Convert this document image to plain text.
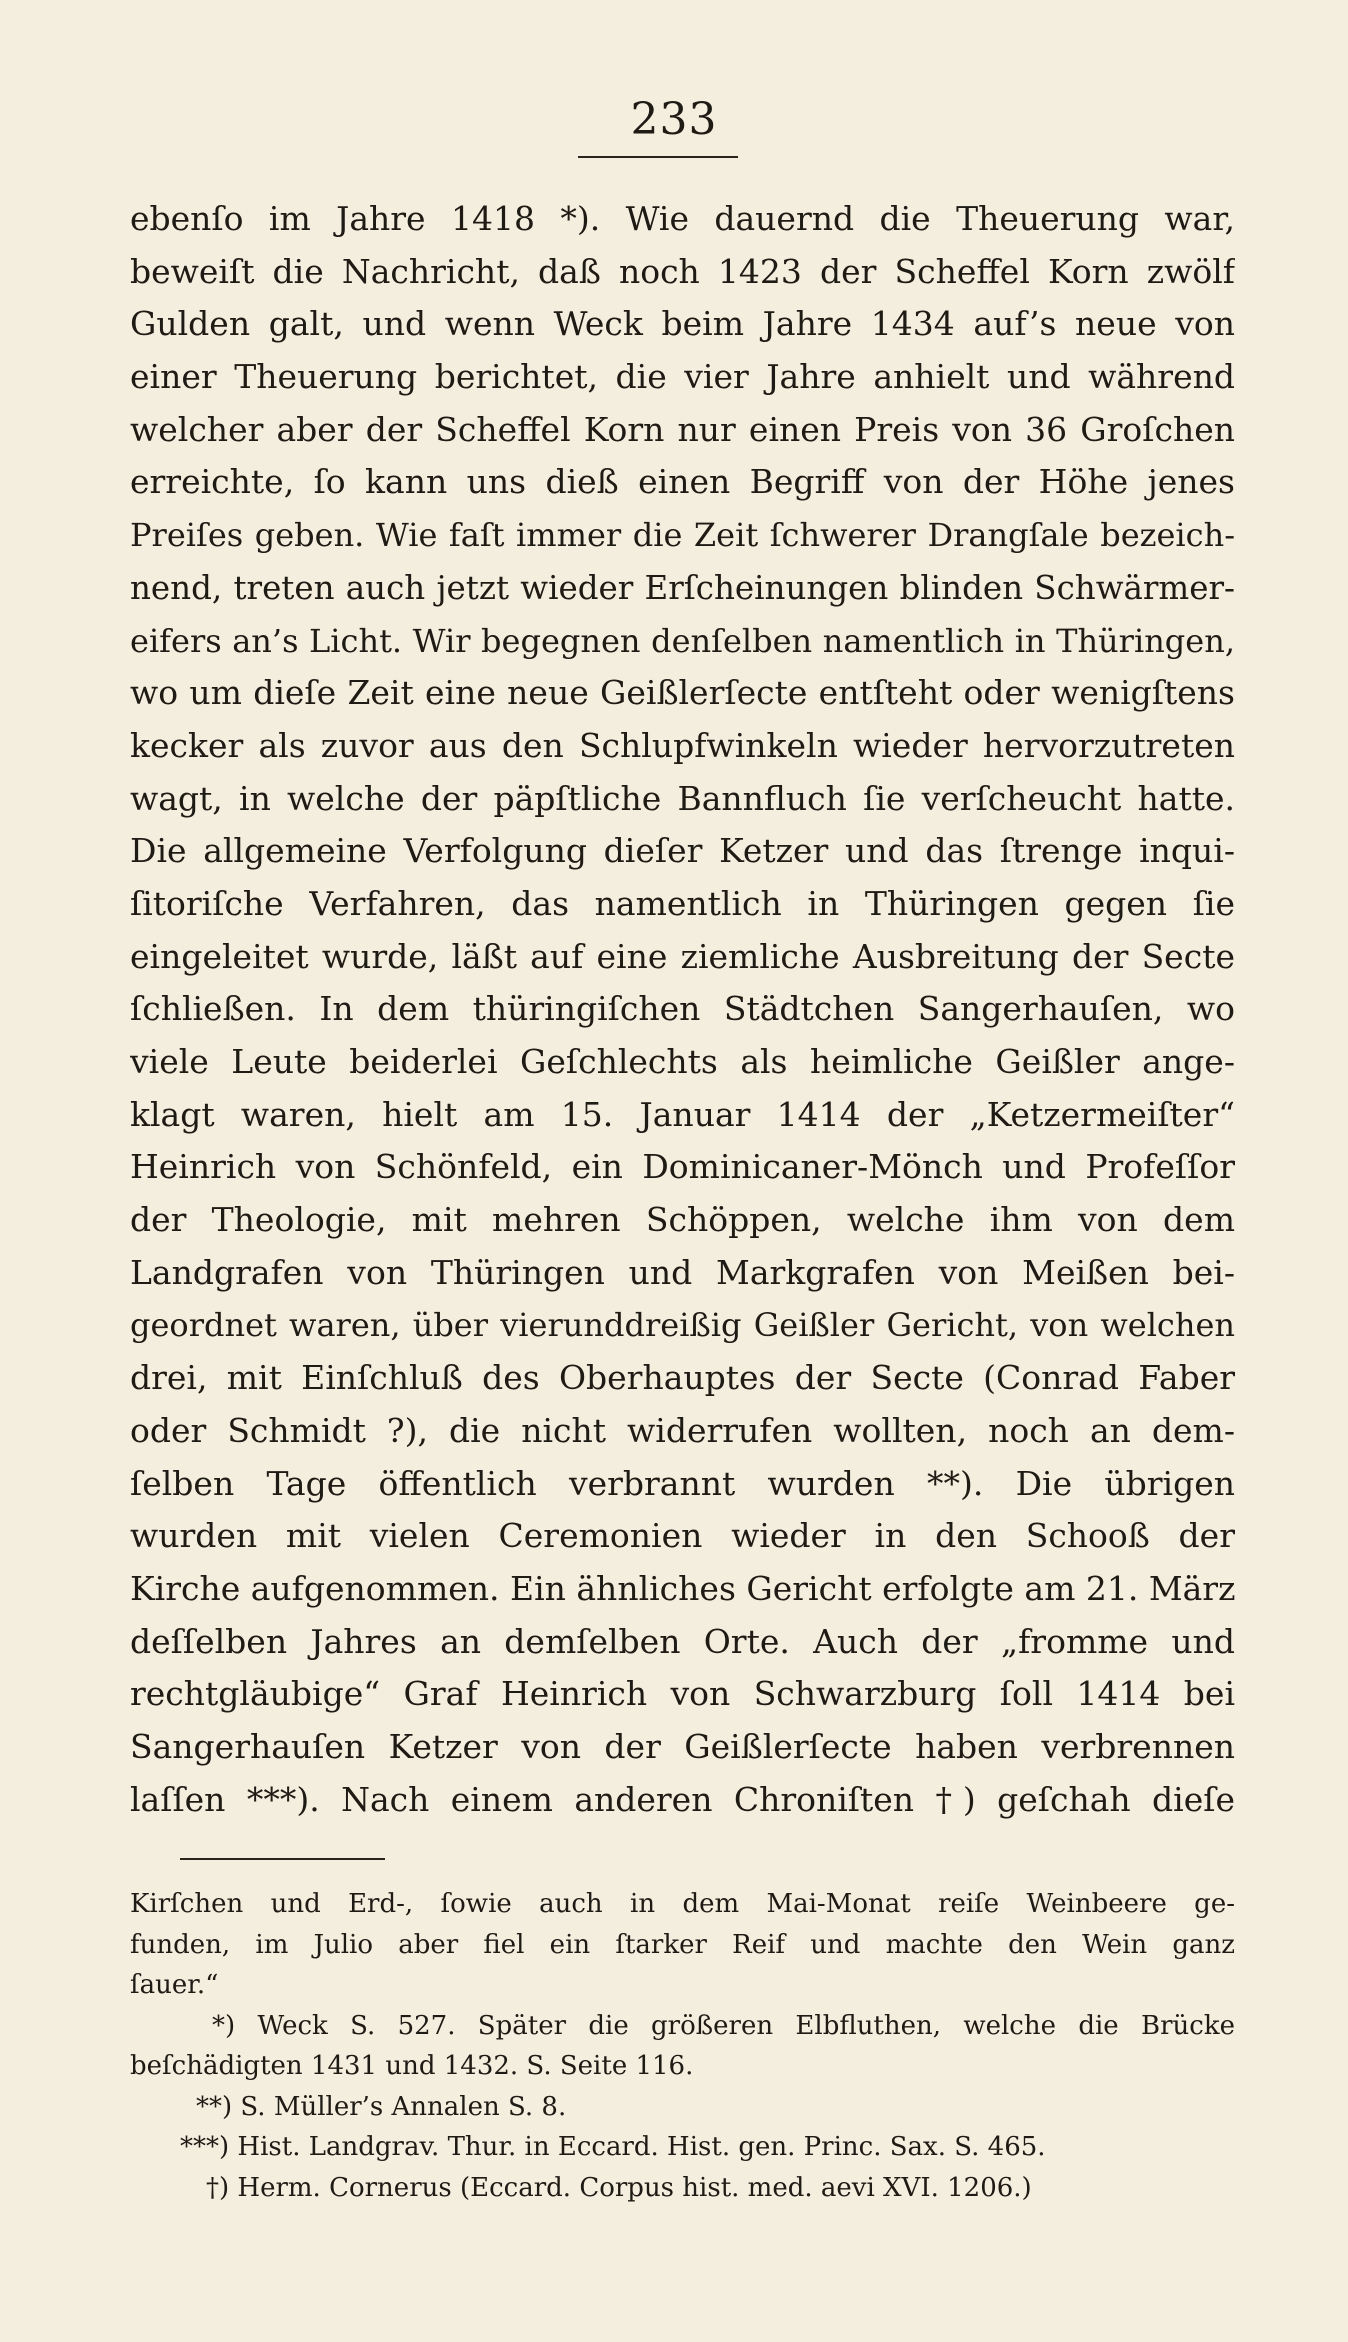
233
ebenſo im Jahre 1418 *). Wie dauernd die Theuerung war,
beweiſt die Nachricht, daß noch 1423 der Scheffel Korn zwölf
Gulden galt, und wenn Weck beim Jahre 1434 auf’s neue von
einer Theuerung berichtet, die vier Jahre anhielt und während
welcher aber der Scheffel Korn nur einen Preis von 36 Groſchen
erreichte, ſo kann uns dieß einen Begriff von der Höhe jenes
Preiſes geben. Wie faſt immer die Zeit ſchwerer Drangſale bezeich-
nend, treten auch jetzt wieder Erſcheinungen blinden Schwärmer-
eifers an’s Licht. Wir begegnen denſelben namentlich in Thüringen,
wo um dieſe Zeit eine neue Geißlerſecte entſteht oder wenigſtens
kecker als zuvor aus den Schlupfwinkeln wieder hervorzutreten
wagt, in welche der päpſtliche Bannfluch ſie verſcheucht hatte.
Die allgemeine Verfolgung dieſer Ketzer und das ſtrenge inqui-
ſitoriſche Verfahren, das namentlich in Thüringen gegen ſie
eingeleitet wurde, läßt auf eine ziemliche Ausbreitung der Secte
ſchließen. In dem thüringiſchen Städtchen Sangerhauſen, wo
viele Leute beiderlei Geſchlechts als heimliche Geißler ange-
klagt waren, hielt am 15. Januar 1414 der „Ketzermeiſter“
Heinrich von Schönfeld, ein Dominicaner-Mönch und Profeſſor
der Theologie, mit mehren Schöppen, welche ihm von dem
Landgrafen von Thüringen und Markgrafen von Meißen bei-
geordnet waren, über vierunddreißig Geißler Gericht, von welchen
drei, mit Einſchluß des Oberhauptes der Secte (Conrad Faber
oder Schmidt ?), die nicht widerrufen wollten, noch an dem-
ſelben Tage öffentlich verbrannt wurden **). Die übrigen
wurden mit vielen Ceremonien wieder in den Schooß der
Kirche aufgenommen. Ein ähnliches Gericht erfolgte am 21. März
deſſelben Jahres an demſelben Orte. Auch der „fromme und
rechtgläubige“ Graf Heinrich von Schwarzburg ſoll 1414 bei
Sangerhauſen Ketzer von der Geißlerſecte haben verbrennen
laſſen ***). Nach einem anderen Chroniſten †) geſchah dieſe
Kirſchen und Erd-, ſowie auch in dem Mai-Monat reiſe Weinbeere ge-
funden, im Julio aber fiel ein ſtarker Reif und machte den Wein ganz
ſauer.“
*) Weck S. 527. Später die größeren Elbfluthen, welche die Brücke
beſchädigten 1431 und 1432. S. Seite 116.
**) S. Müller’s Annalen S. 8.
***) Hist. Landgrav. Thur. in Eccard. Hist. gen. Princ. Sax. S. 465.
†) Herm. Cornerus (Eccard. Corpus hist. med. aevi XVI. 1206.)
